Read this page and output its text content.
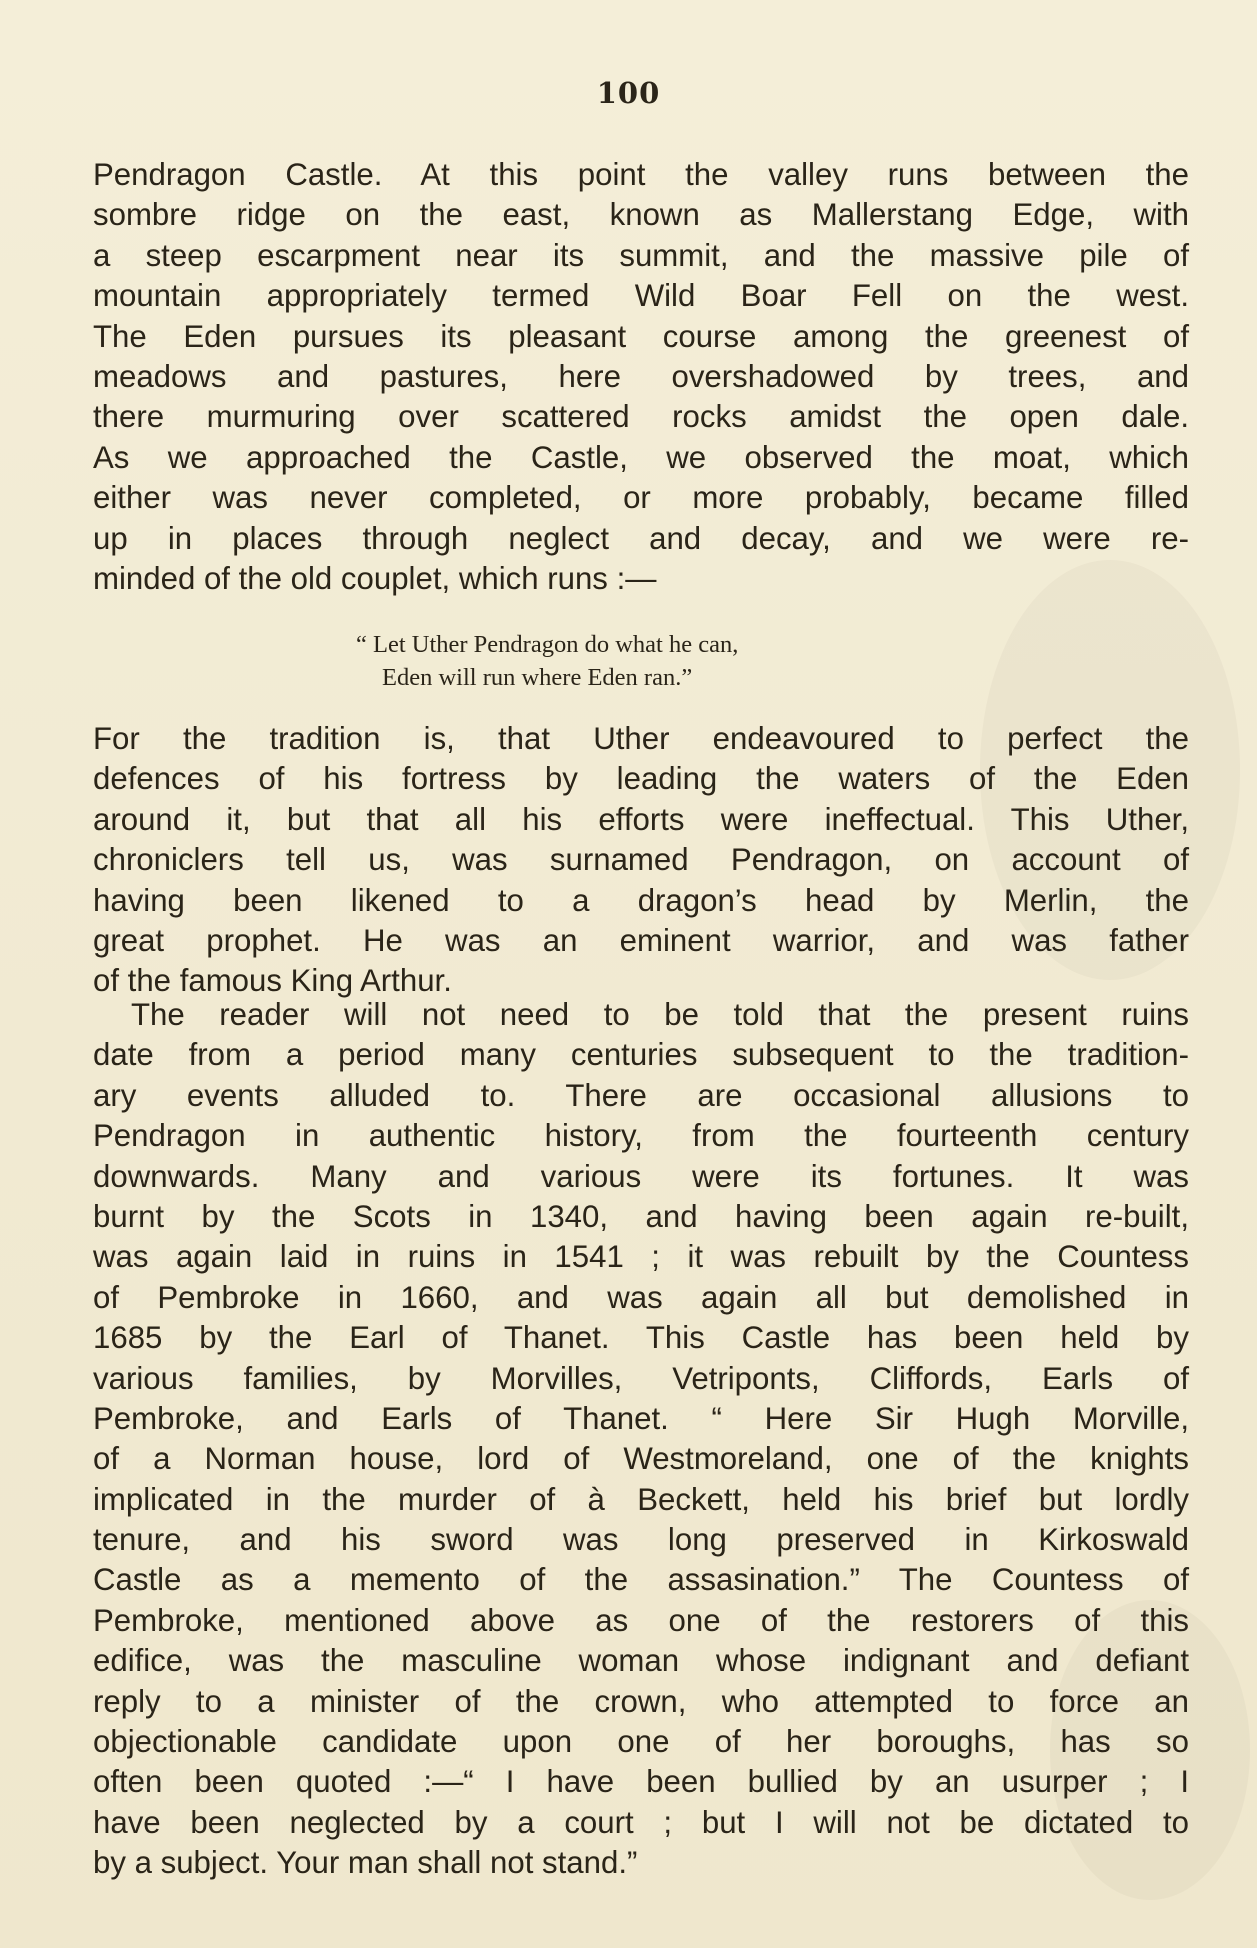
100
Pendragon Castle. At this point the valley runs between the
sombre ridge on the east, known as Mallerstang Edge, with
a steep escarpment near its summit, and the massive pile of
mountain appropriately termed Wild Boar Fell on the west.
The Eden pursues its pleasant course among the greenest of
meadows and pastures, here overshadowed by trees, and
there murmuring over scattered rocks amidst the open dale.
As we approached the Castle, we observed the moat, which
either was never completed, or more probably, became filled
up in places through neglect and decay, and we were re-
minded of the old couplet, which runs :—
“ Let Uther Pendragon do what he can,
Eden will run where Eden ran.”
For the tradition is, that Uther endeavoured to perfect the
defences of his fortress by leading the waters of the Eden
around it, but that all his efforts were ineffectual. This Uther,
chroniclers tell us, was surnamed Pendragon, on account of
having been likened to a dragon’s head by Merlin, the
great prophet. He was an eminent warrior, and was father
of the famous King Arthur.
The reader will not need to be told that the present ruins
date from a period many centuries subsequent to the tradition-
ary events alluded to. There are occasional allusions to
Pendragon in authentic history, from the fourteenth century
downwards. Many and various were its fortunes. It was
burnt by the Scots in 1340, and having been again re-built,
was again laid in ruins in 1541 ; it was rebuilt by the Countess
of Pembroke in 1660, and was again all but demolished in
1685 by the Earl of Thanet. This Castle has been held by
various families, by Morvilles, Vetriponts, Cliffords, Earls of
Pembroke, and Earls of Thanet. “ Here Sir Hugh Morville,
of a Norman house, lord of Westmoreland, one of the knights
implicated in the murder of à Beckett, held his brief but lordly
tenure, and his sword was long preserved in Kirkoswald
Castle as a memento of the assasination.” The Countess of
Pembroke, mentioned above as one of the restorers of this
edifice, was the masculine woman whose indignant and defiant
reply to a minister of the crown, who attempted to force an
objectionable candidate upon one of her boroughs, has so
often been quoted :—“ I have been bullied by an usurper ; I
have been neglected by a court ; but I will not be dictated to
by a subject. Your man shall not stand.”
